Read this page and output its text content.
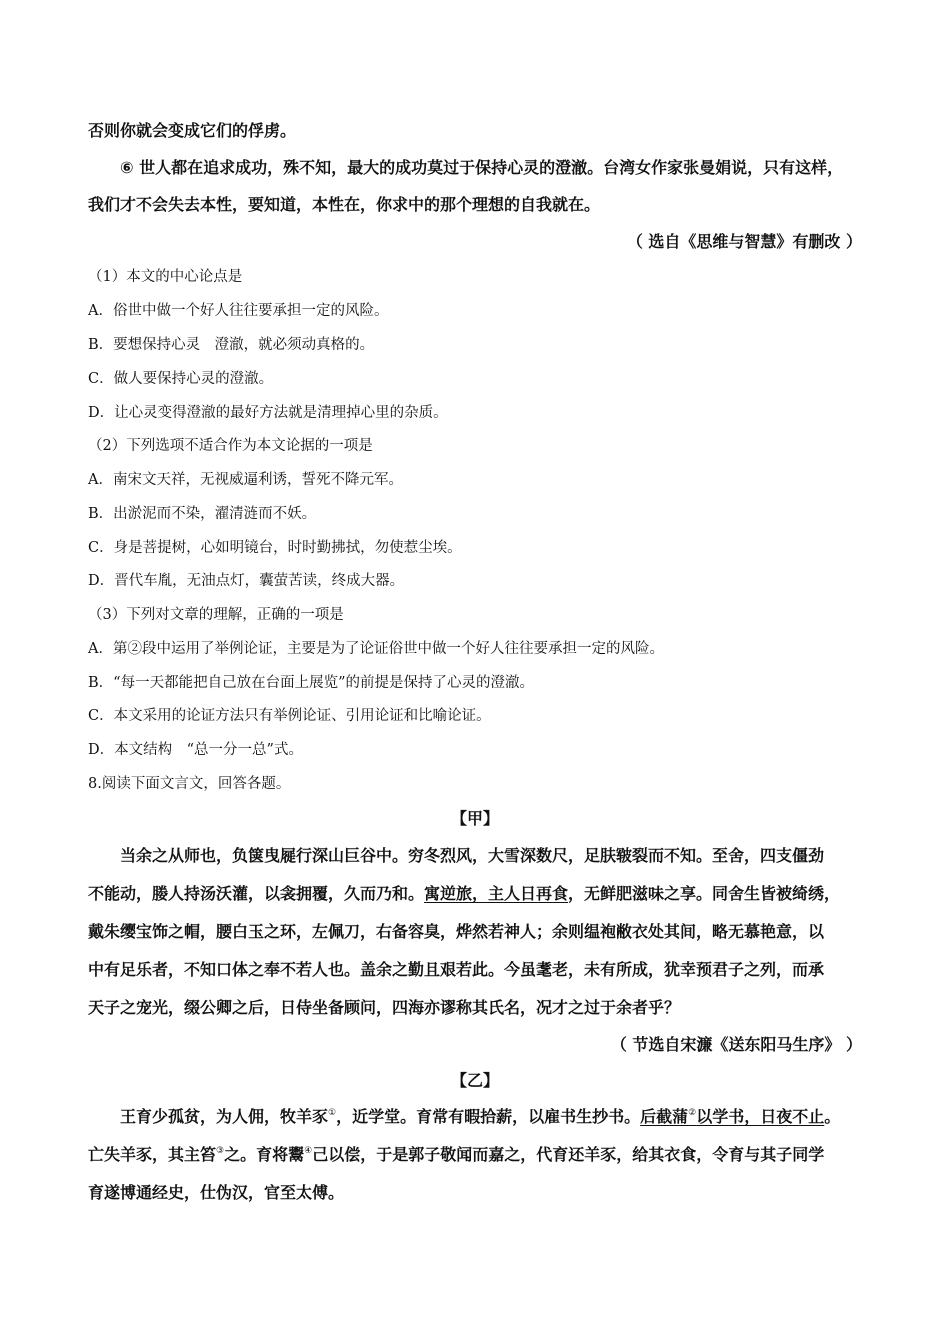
否则你就会变成它们的俘虏。
⑥ 世人都在追求成功，殊不知，最大的成功莫过于保持心灵的澄澈。台湾女作家张曼娟说，只有这样，
我们才不会失去本性，要知道，本性在，你求中的那个理想的自我就在。
（ 选自《思维与智慧》有删改 ）
（1）本文的中心论点是
A．俗世中做一个好人往往要承担一定的风险。
B．要想保持心灵　澄澈，就必须动真格的。
C．做人要保持心灵的澄澈。
D．让心灵变得澄澈的最好方法就是清理掉心里的杂质。
（2）下列选项不适合作为本文论据的一项是
A．南宋文天祥，无视威逼利诱，誓死不降元军。
B．出淤泥而不染，濯清涟而不妖。
C．身是菩提树，心如明镜台，时时勤拂拭，勿使惹尘埃。
D．晋代车胤，无油点灯，囊萤苦读，终成大器。
（3）下列对文章的理解，正确的一项是
A．第②段中运用了举例论证，主要是为了论证俗世中做一个好人往往要承担一定的风险。
B．“每一天都能把自己放在台面上展览”的前提是保持了心灵的澄澈。
C．本文采用的论证方法只有举例论证、引用论证和比喻论证。
D．本文结构　“总一分一总”式。
8.阅读下面文言文，回答各题。
【甲】
当余之从师也，负箧曳屣行深山巨谷中。穷冬烈风，大雪深数尺，足肤皲裂而不知。至舍，四支僵劲
不能动，媵人持汤沃灌，以衾拥覆，久而乃和。寓逆旅，主人日再食，无鲜肥滋味之享。同舍生皆被绮绣，
戴朱缨宝饰之帽，腰白玉之环，左佩刀，右备容臭，烨然若神人；余则缊袍敝衣处其间，略无慕艳意，以
中有足乐者，不知口体之奉不若人也。盖余之勤且艰若此。今虽耄老，未有所成，犹幸预君子之列，而承
天子之宠光，缀公卿之后，日侍坐备顾问，四海亦谬称其氏名，况才之过于余者乎？
（ 节选自宋濂《送东阳马生序》 ）
【乙】
王育少孤贫，为人佣，牧羊豕①，近学堂。育常有暇拾薪，以雇书生抄书。后截蒲②以学书，日夜不止。
亡失羊豕，其主笞③之。育将鬻④己以偿，于是郭子敬闻而嘉之，代育还羊豕，给其衣食，令育与其子同学
育遂博通经史，仕伪汉，官至太傅。
